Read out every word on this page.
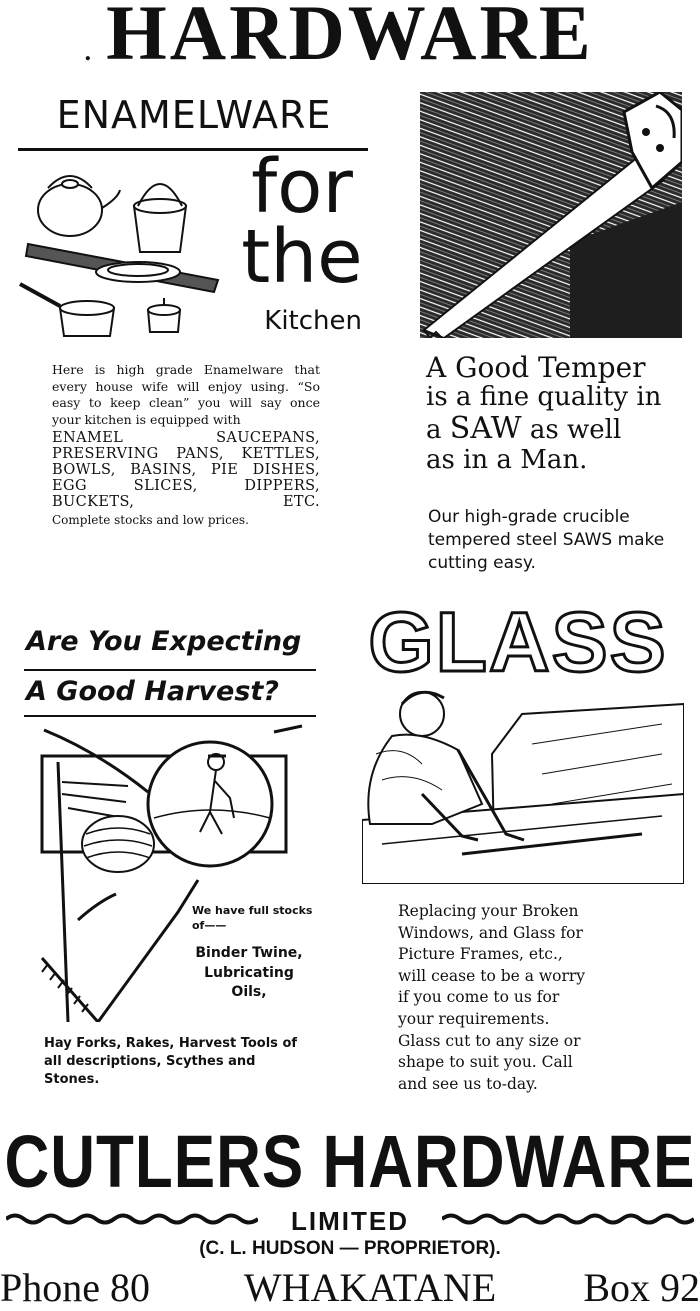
. HARDWARE
ENAMELWARE
for
the
Kitchen

Here is high grade Enamelware that every house wife will enjoy using. “So easy to keep clean” you will say once your kitchen is equipped with

ENAMEL SAUCEPANS, PRESERVING PANS, KETTLES, BOWLS, BASINS, PIE DISHES, EGG SLICES, DIPPERS, BUCKETS, ETC.

Complete stocks and low prices.

A Good Temper
is a fine quality in
a SAW as well
as in a Man.
Our high-grade crucible tempered steel SAWS make cutting easy.
Are You Expecting
A Good Harvest?
We have full stocks of——
Binder Twine,
Lubricating Oils,
Hay Forks, Rakes, Harvest Tools of all descriptions, Scythes and Stones.
GLASS
Replacing your Broken
Windows, and Glass for
Picture Frames, etc.,
will cease to be a worry
if you come to us for
your requirements.
Glass cut to any size or
shape to suit you. Call
and see us to-day.
CUTLERS HARDWARE
LIMITED
(C. L. HUDSON — PROPRIETOR).
Phone 80	WHAKATANE	Box 92
